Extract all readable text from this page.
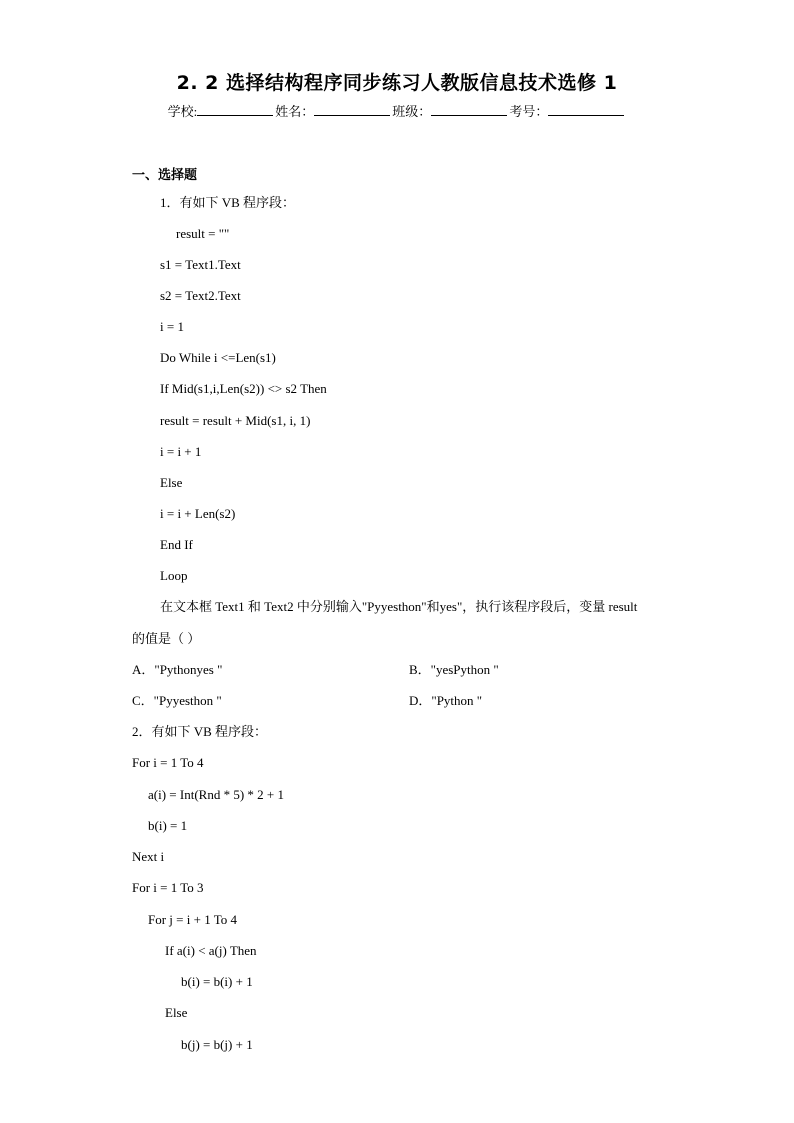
2. 2 选择结构程序同步练习人教版信息技术选修 1
学校:	姓名：	班级：	考号：
一、选择题
1．有如下 VB 程序段：
result = ""
s1 = Text1.Text
s2 = Text2.Text
i = 1
Do While i <=Len(s1)
If Mid(s1,i,Len(s2)) <> s2 Then
result = result + Mid(s1, i, 1)
i = i + 1
Else
i = i + Len(s2)
End If
Loop
在文本框 Text1 和 Text2 中分别输入"Pyyesthon"和yes"，执行该程序段后，变量 result
的值是（ ）
A．"Pythonyes "	B．"yesPython "
C．"Pyyesthon "	D．"Python "
2．有如下 VB 程序段：
For i = 1 To 4
a(i) = Int(Rnd * 5) * 2 + 1
b(i) = 1
Next i
For i = 1 To 3
For j = i + 1 To 4
If a(i) < a(j) Then
b(i) = b(i) + 1
Else
b(j) = b(j) + 1
